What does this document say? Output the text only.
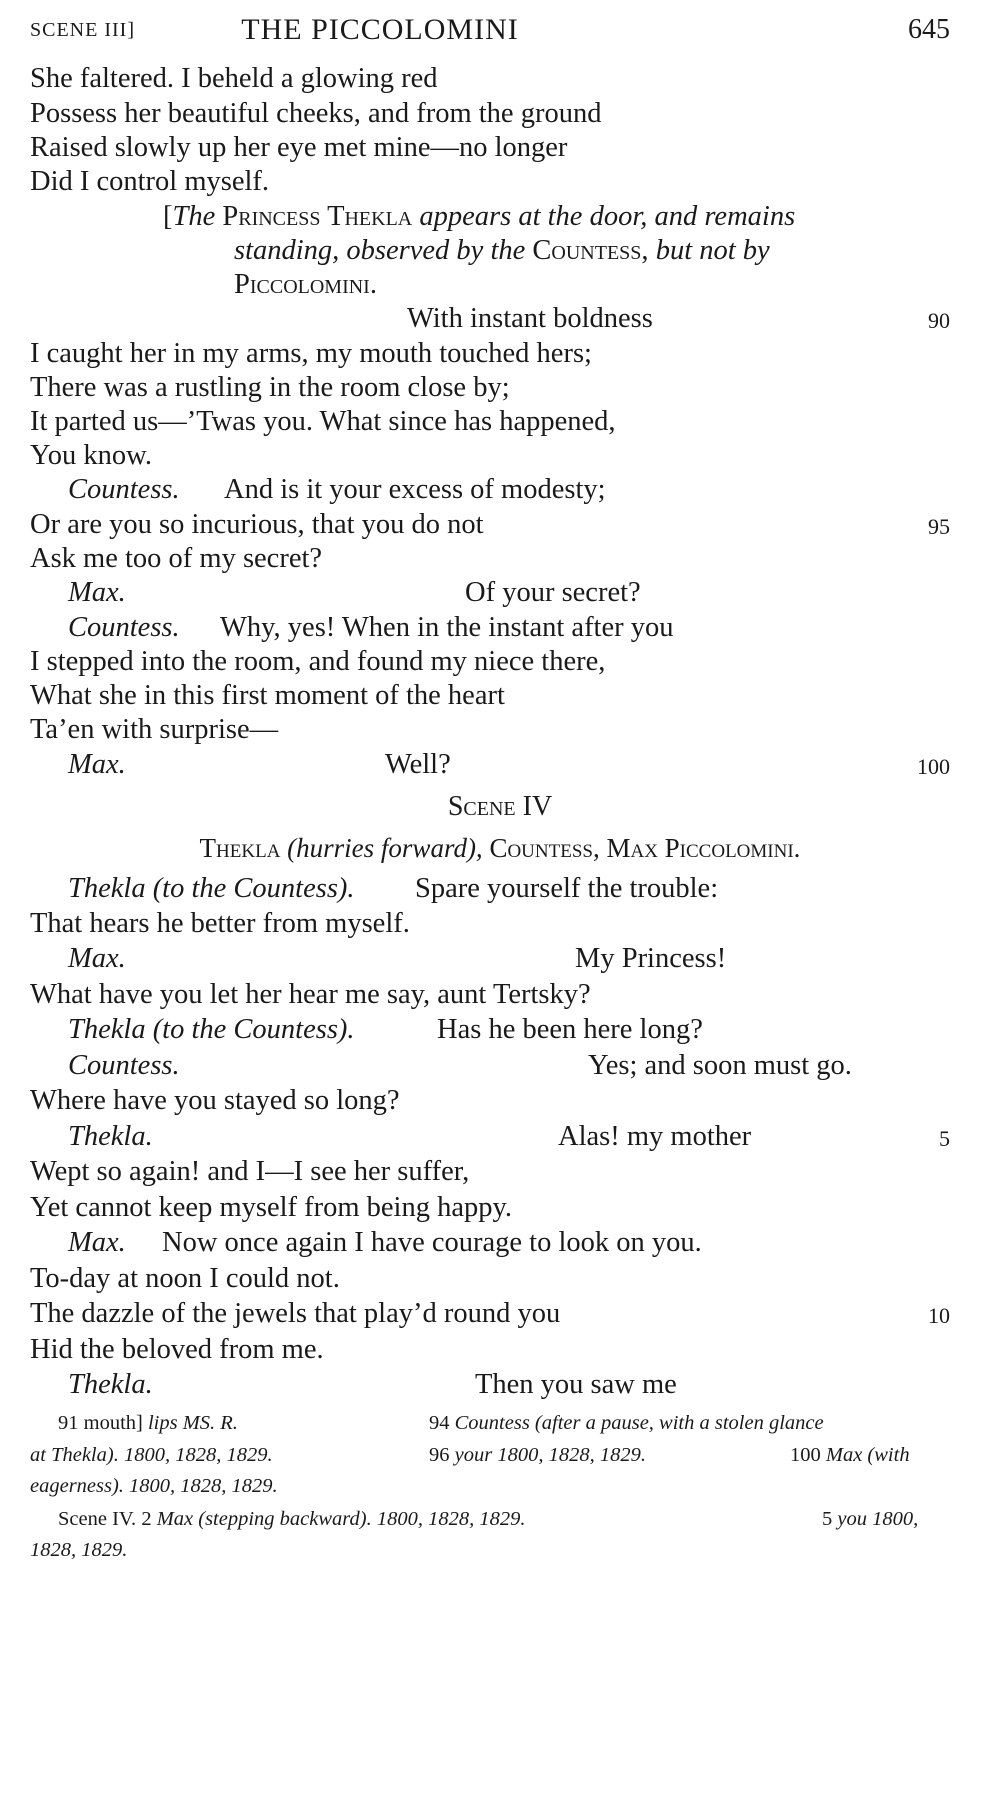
SCENE III]	THE PICCOLOMINI	645
She faltered. I beheld a glowing red
Possess her beautiful cheeks, and from the ground
Raised slowly up her eye met mine—no longer
Did I control myself.
[The Princess Thekla appears at the door, and remains
standing, observed by the Countess, but not by
Piccolomini.
With instant boldness	90
I caught her in my arms, my mouth touched hers;
There was a rustling in the room close by;
It parted us—’Twas you. What since has happened,
You know.
Countess. And is it your excess of modesty;
Or are you so incurious, that you do not	95
Ask me too of my secret?
Max.	Of your secret?
Countess. Why, yes! When in the instant after you
I stepped into the room, and found my niece there,
What she in this first moment of the heart
Ta’en with surprise—
Max.	Well?	100
Scene IV
Thekla (hurries forward), Countess, Max Piccolomini.
Thekla (to the Countess). Spare yourself the trouble:
That hears he better from myself.
Max.	My Princess!
What have you let her hear me say, aunt Tertsky?
Thekla (to the Countess).	Has he been here long?
Countess.	Yes; and soon must go.
Where have you stayed so long?
Thekla.	Alas! my mother	5
Wept so again! and I—I see her suffer,
Yet cannot keep myself from being happy.
Max. Now once again I have courage to look on you.
To-day at noon I could not.
The dazzle of the jewels that play’d round you	10
Hid the beloved from me.
Thekla.	Then you saw me
91 mouth] lips MS. R.	94 Countess (after a pause, with a stolen glance
at Thekla). 1800, 1828, 1829.	96 your 1800, 1828, 1829.	100 Max (with
eagerness). 1800, 1828, 1829.
Scene IV. 2 Max (stepping backward). 1800, 1828, 1829.	5 you 1800,
1828, 1829.
